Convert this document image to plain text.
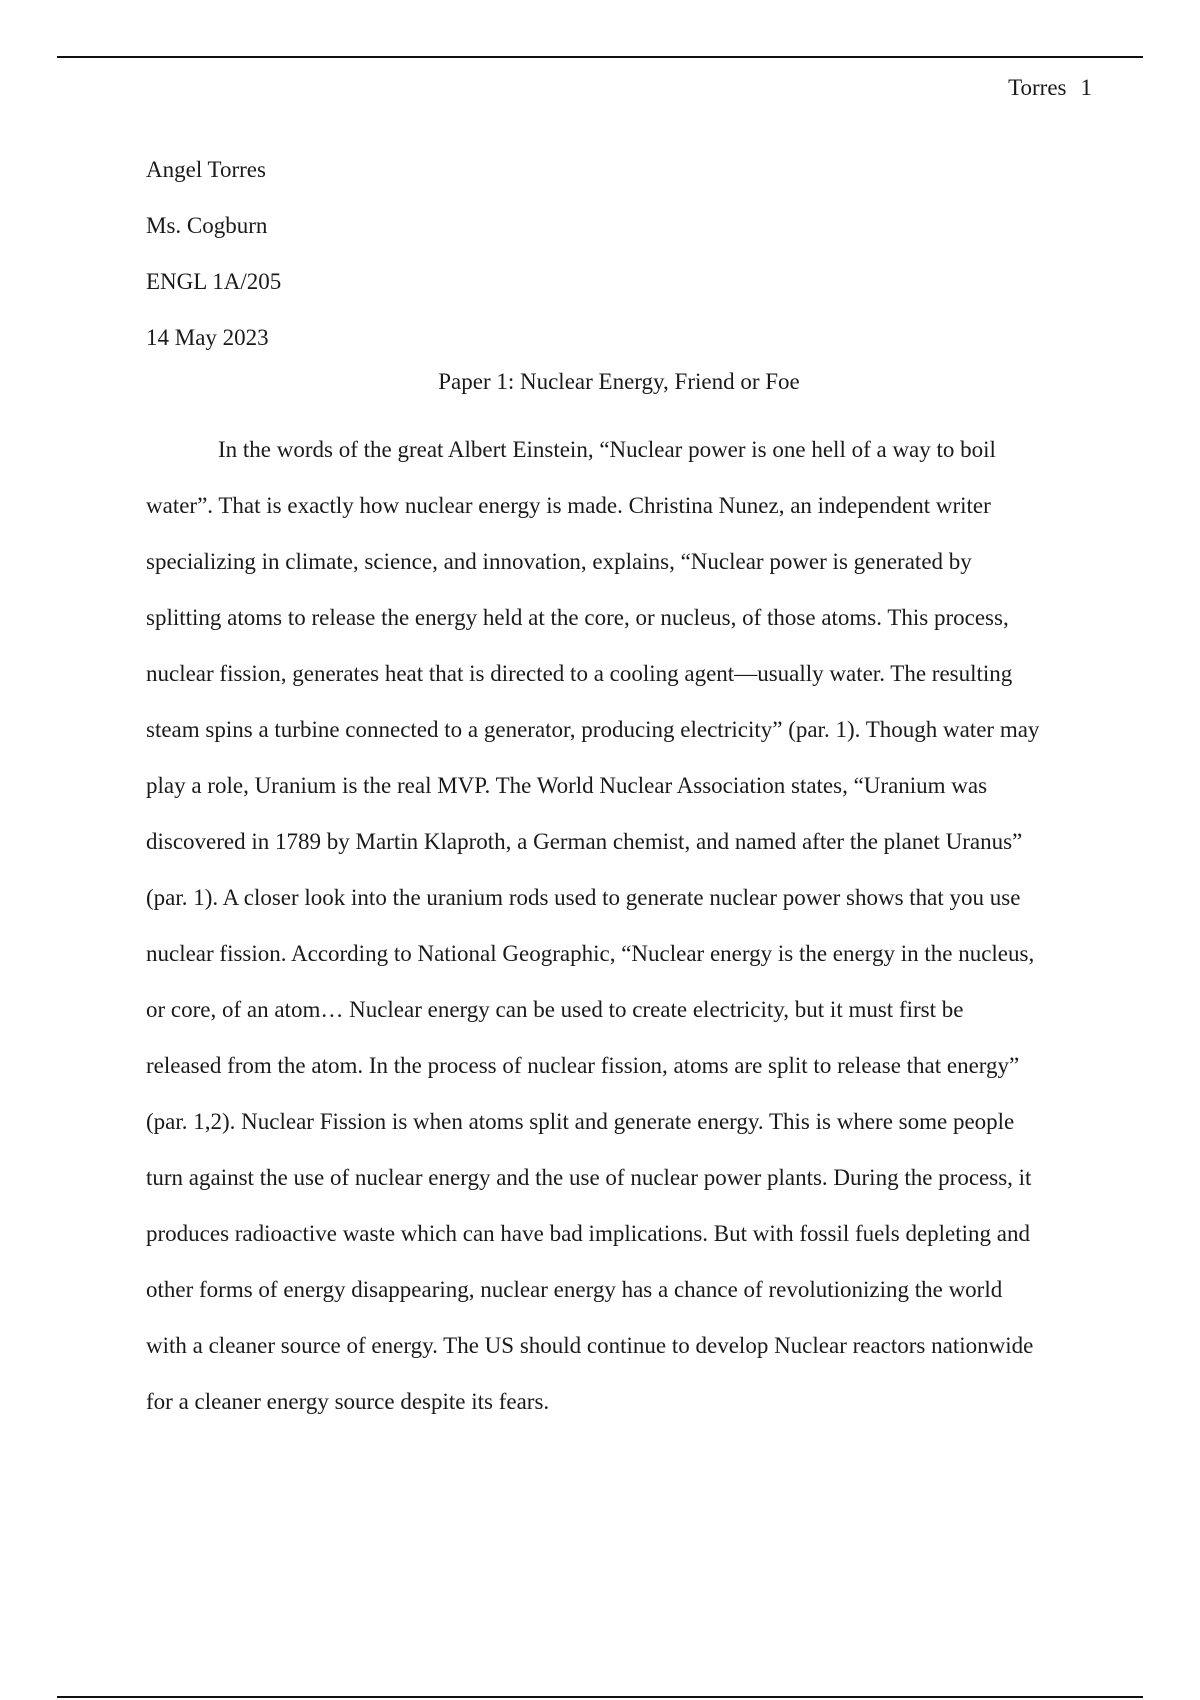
Torres 1
Angel Torres
Ms. Cogburn
ENGL 1A/205
14 May 2023
Paper 1: Nuclear Energy, Friend or Foe
In the words of the great Albert Einstein, “Nuclear power is one hell of a way to boil
water”. That is exactly how nuclear energy is made. Christina Nunez, an independent writer
specializing in climate, science, and innovation, explains, “Nuclear power is generated by
splitting atoms to release the energy held at the core, or nucleus, of those atoms. This process,
nuclear fission, generates heat that is directed to a cooling agent—usually water. The resulting
steam spins a turbine connected to a generator, producing electricity” (par. 1). Though water may
play a role, Uranium is the real MVP. The World Nuclear Association states, “Uranium was
discovered in 1789 by Martin Klaproth, a German chemist, and named after the planet Uranus”
(par. 1). A closer look into the uranium rods used to generate nuclear power shows that you use
nuclear fission. According to National Geographic, “Nuclear energy is the energy in the nucleus,
or core, of an atom… Nuclear energy can be used to create electricity, but it must first be
released from the atom. In the process of nuclear fission, atoms are split to release that energy”
(par. 1,2). Nuclear Fission is when atoms split and generate energy. This is where some people
turn against the use of nuclear energy and the use of nuclear power plants. During the process, it
produces radioactive waste which can have bad implications. But with fossil fuels depleting and
other forms of energy disappearing, nuclear energy has a chance of revolutionizing the world
with a cleaner source of energy. The US should continue to develop Nuclear reactors nationwide
for a cleaner energy source despite its fears.
